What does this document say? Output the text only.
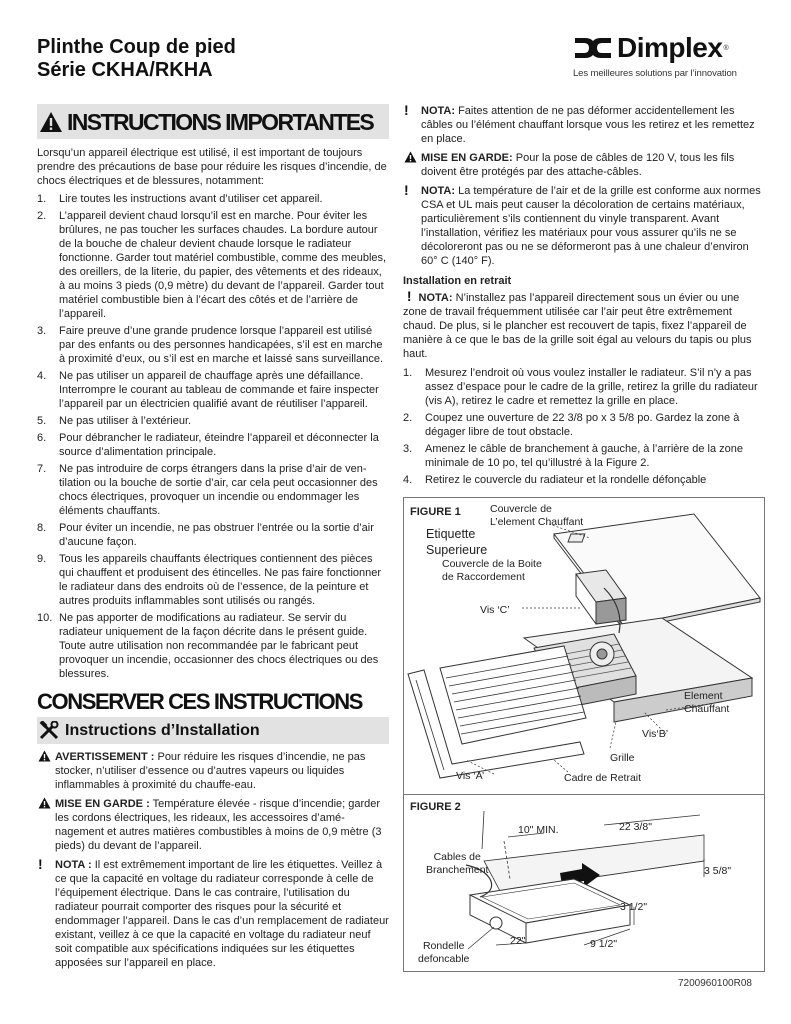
Plinthe Coup de pied
Série CKHA/RKHA
Dimplex ®
Les meilleures solutions par l’innovation
INSTRUCTIONS IMPORTANTES

Lorsqu’un appareil électrique est utilisé, il est important de toujours prendre des précautions de base pour réduire les risques d’incendie, de chocs électriques et de blessures, notamment:

1. Lire toutes les instructions avant d’utiliser cet appareil.
2. L’appareil devient chaud lorsqu’il est en marche. Pour éviter les brûlures, ne pas toucher les surfaces chaudes. La bordure autour de la bouche de chaleur devient chaude lorsque le radiateur fonctionne. Garder tout matériel combustible, comme des meubles, des oreillers, de la literie, du papier, des vêtements et des rideaux, à au moins 3 pieds (0,9 mètre) du devant de l’appareil. Garder tout matériel combustible bien à l’écart des côtés et de l’arrière de l’appareil.
3. Faire preuve d’une grande prudence lorsque l’appareil est utilisé par des enfants ou des personnes handicapées, s’il est en marche à proximité d’eux, ou s’il est en marche et laissé sans surveillance.
4. Ne pas utiliser un appareil de chauffage après une défaillance. Interrompre le courant au tableau de commande et faire inspecter l’appareil par un électricien qualifié avant de réutiliser l’appareil.
5. Ne pas utiliser à l’extérieur.
6. Pour débrancher le radiateur, éteindre l’appareil et déconnecter la source d’alimentation principale.
7. Ne pas introduire de corps étrangers dans la prise d’air de ventilation ou la bouche de sortie d’air, car cela peut occasionner des chocs électriques, provoquer un incendie ou endommager les éléments chauffants.
8. Pour éviter un incendie, ne pas obstruer l’entrée ou la sortie d’air d’aucune façon.
9. Tous les appareils chauffants électriques contiennent des pièces qui chauffent et produisent des étincelles. Ne pas faire fonctionner le radiateur dans des endroits où de l’essence, de la peinture et autres produits inflammables sont utilisés ou rangés.
10. Ne pas apporter de modifications au radiateur. Se servir du radiateur uniquement de la façon décrite dans le présent guide. Toute autre utilisation non recommandée par le fabricant peut provoquer un incendie, occasionner des chocs électriques ou des blessures.
CONSERVER CES INSTRUCTIONS
Instructions d’Installation
AVERTISSEMENT : Pour réduire les risques d’incendie, ne pas stocker, n’utiliser d’essence ou d’autres vapeurs ou liquides inflammables à proximité du chauffe-eau.
MISE EN GARDE : Température élevée - risque d’incendie; garder les cordons électriques, les rideaux, les accessoires d’aménagement et autres matières combustibles à moins de 0,9 mètre (3 pieds) du devant de l’appareil.
! NOTA : Il est extrêmement important de lire les étiquettes. Veillez à ce que la capacité en voltage du radiateur corresponde à celle de l’équipement électrique. Dans le cas contraire, l’utilisation du radiateur pourrait comporter des risques pour la sécurité et endommager l’appareil. Dans le cas d’un remplacement de radiateur existant, veillez à ce que la capacité en voltage du radiateur neuf soit compatible aux spécifications indiquées sur les étiquettes apposées sur l’appareil en place.
! NOTA: Faites attention de ne pas déformer accidentellement les câbles ou l’élément chauffant lorsque vous les retirez et les remettez en place.
MISE EN GARDE: Pour la pose de câbles de 120 V, tous les fils doivent être protégés par des attache-câbles.
! NOTA: La température de l’air et de la grille est conforme aux normes CSA et UL mais peut causer la décoloration de certains matériaux, particulièrement s’ils contiennent du vinyle transparent. Avant l’installation, vérifiez les matériaux pour vous assurer qu’ils ne se décoloreront pas ou ne se déformeront pas à une chaleur d’environ 60° C (140° F).
Installation en retrait
!  NOTA: N’installez pas l’appareil directement sous un évier ou une zone de travail fréquemment utilisée car l’air peut être extrêmement chaud. De plus, si le plancher est recouvert de tapis, fixez l’appareil de manière à ce que le bas de la grille soit égal au velours du tapis ou plus haut.
1. Mesurez l’endroit où vous voulez installer le radiateur. S’il n’y a pas assez d’espace pour le cadre de la grille, retirez la grille du radiateur (vis A), retirez le cadre et remettez la grille en place.
2. Coupez une ouverture de 22 3/8 po x 3 5/8 po. Gardez la zone à dégager libre de tout obstacle.
3. Amenez le câble de branchement à gauche, à l’arrière de la zone minimale de 10 po, tel qu’illustré à la Figure 2.
4. Retirez le couvercle du radiateur et la rondelle défonçable
FIGURE 1	Couvercle de
L’element Chauffant
Etiquette
Superieure
Couvercle de la Boite
de Raccordement
Vis ‘C’
Element
Chauffant
Vis‘B’
Grille
Vis ‘A’	Cadre de Retrait
FIGURE 2
10" MIN.	22 3/8"
Cables de
Branchement	3 5/8"
3 1/2"
22"	9 1/2"
Rondelle
defoncable
7200960100R08
